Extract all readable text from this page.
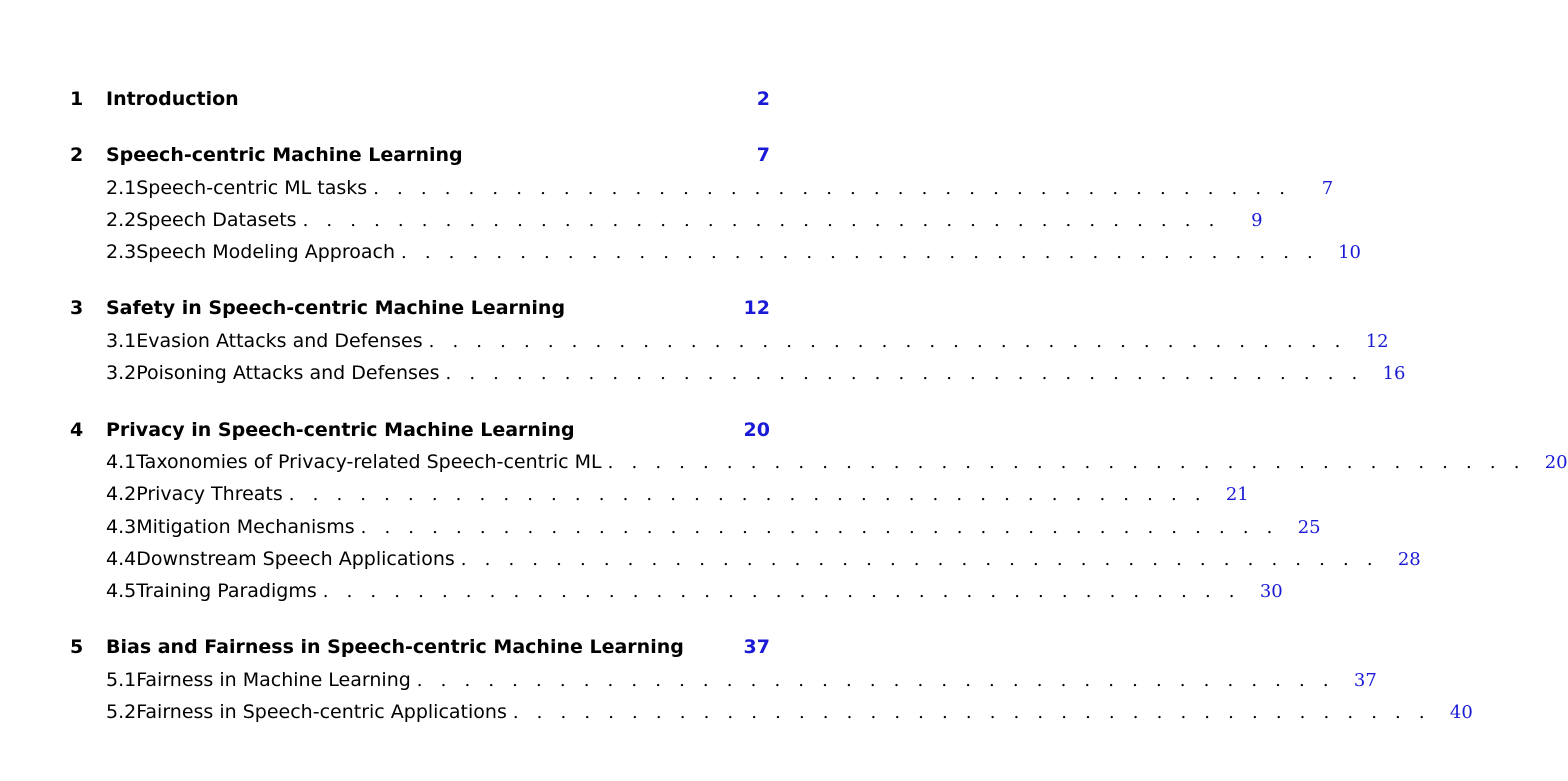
1	Introduction	2
2	Speech-centric Machine Learning	7
2.1 Speech-centric ML tasks . . . . . . . . . . . . . . . . . . . . . . . . . . . . . . . . . . . . . . .	7
2.2 Speech Datasets . . . . . . . . . . . . . . . . . . . . . . . . . . . . . . . . . . . . . . .	9
2.3 Speech Modeling Approach . . . . . . . . . . . . . . . . . . . . . . . . . . . . . . . . . . . . . . .	10
3	Safety in Speech-centric Machine Learning	12
3.1 Evasion Attacks and Defenses . . . . . . . . . . . . . . . . . . . . . . . . . . . . . . . . . . . . . . .	12
3.2 Poisoning Attacks and Defenses . . . . . . . . . . . . . . . . . . . . . . . . . . . . . . . . . . . . . . .	16
4	Privacy in Speech-centric Machine Learning	20
4.1 Taxonomies of Privacy-related Speech-centric ML . . . . . . . . . . . . . . . . . . . . . . . . . . . . . . . . . . . . . . .	20
4.2 Privacy Threats . . . . . . . . . . . . . . . . . . . . . . . . . . . . . . . . . . . . . . .	21
4.3 Mitigation Mechanisms . . . . . . . . . . . . . . . . . . . . . . . . . . . . . . . . . . . . . . .	25
4.4 Downstream Speech Applications . . . . . . . . . . . . . . . . . . . . . . . . . . . . . . . . . . . . . . .	28
4.5 Training Paradigms . . . . . . . . . . . . . . . . . . . . . . . . . . . . . . . . . . . . . . .	30
5	Bias and Fairness in Speech-centric Machine Learning	37
5.1 Fairness in Machine Learning . . . . . . . . . . . . . . . . . . . . . . . . . . . . . . . . . . . . . . .	37
5.2 Fairness in Speech-centric Applications . . . . . . . . . . . . . . . . . . . . . . . . . . . . . . . . . . . . . . .	40
